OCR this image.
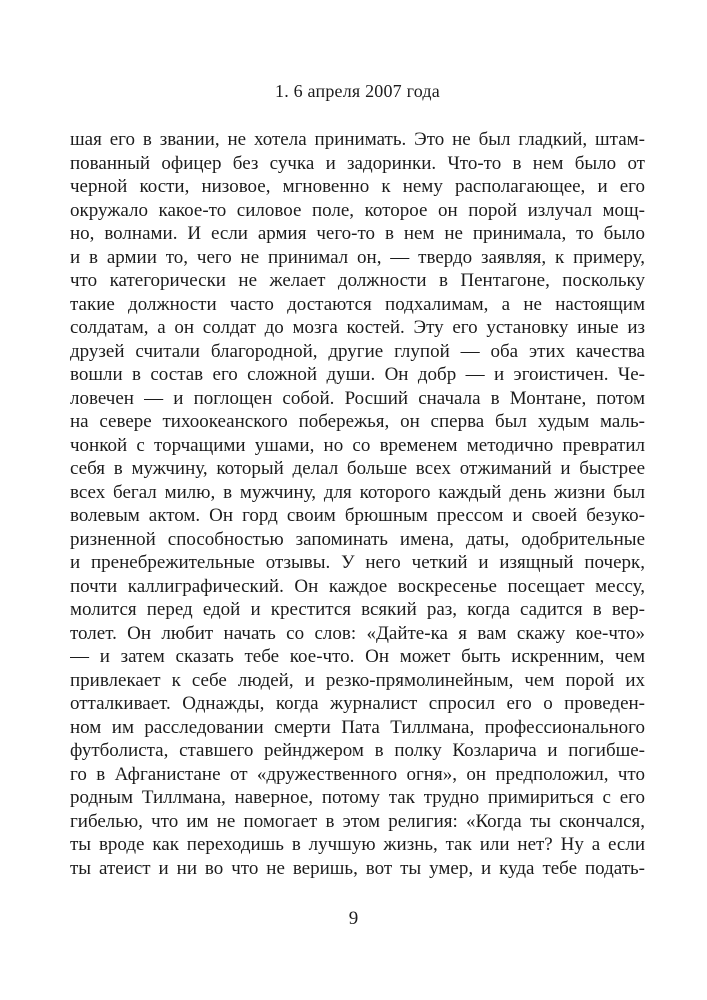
1. 6 апреля 2007 года
шая его в звании, не хотела принимать. Это не был гладкий, штам-
пованный офицер без сучка и задоринки. Что-то в нем было от
черной кости, низовое, мгновенно к нему располагающее, и его
окружало какое-то силовое поле, которое он порой излучал мощ-
но, волнами. И если армия чего-то в нем не принимала, то было
и в армии то, чего не принимал он, — твердо заявляя, к примеру,
что категорически не желает должности в Пентагоне, поскольку
такие должности часто достаются подхалимам, а не настоящим
солдатам, а он солдат до мозга костей. Эту его установку иные из
друзей считали благородной, другие глупой — оба этих качества
вошли в состав его сложной души. Он добр — и эгоистичен. Че-
ловечен — и поглощен собой. Росший сначала в Монтане, потом
на севере тихоокеанского побережья, он сперва был худым маль-
чонкой с торчащими ушами, но со временем методично превратил
себя в мужчину, который делал больше всех отжиманий и быстрее
всех бегал милю, в мужчину, для которого каждый день жизни был
волевым актом. Он горд своим брюшным прессом и своей безуко-
ризненной способностью запоминать имена, даты, одобрительные
и пренебрежительные отзывы. У него четкий и изящный почерк,
почти каллиграфический. Он каждое воскресенье посещает мессу,
молится перед едой и крестится всякий раз, когда садится в вер-
толет. Он любит начать со слов: «Дайте-ка я вам скажу кое-что»
— и затем сказать тебе кое-что. Он может быть искренним, чем
привлекает к себе людей, и резко-прямолинейным, чем порой их
отталкивает. Однажды, когда журналист спросил его о проведен-
ном им расследовании смерти Пата Тиллмана, профессионального
футболиста, ставшего рейнджером в полку Козларича и погибше-
го в Афганистане от «дружественного огня», он предположил, что
родным Тиллмана, наверное, потому так трудно примириться с его
гибелью, что им не помогает в этом религия: «Когда ты скончался,
ты вроде как переходишь в лучшую жизнь, так или нет? Ну а если
ты атеист и ни во что не веришь, вот ты умер, и куда тебе подать-
9
